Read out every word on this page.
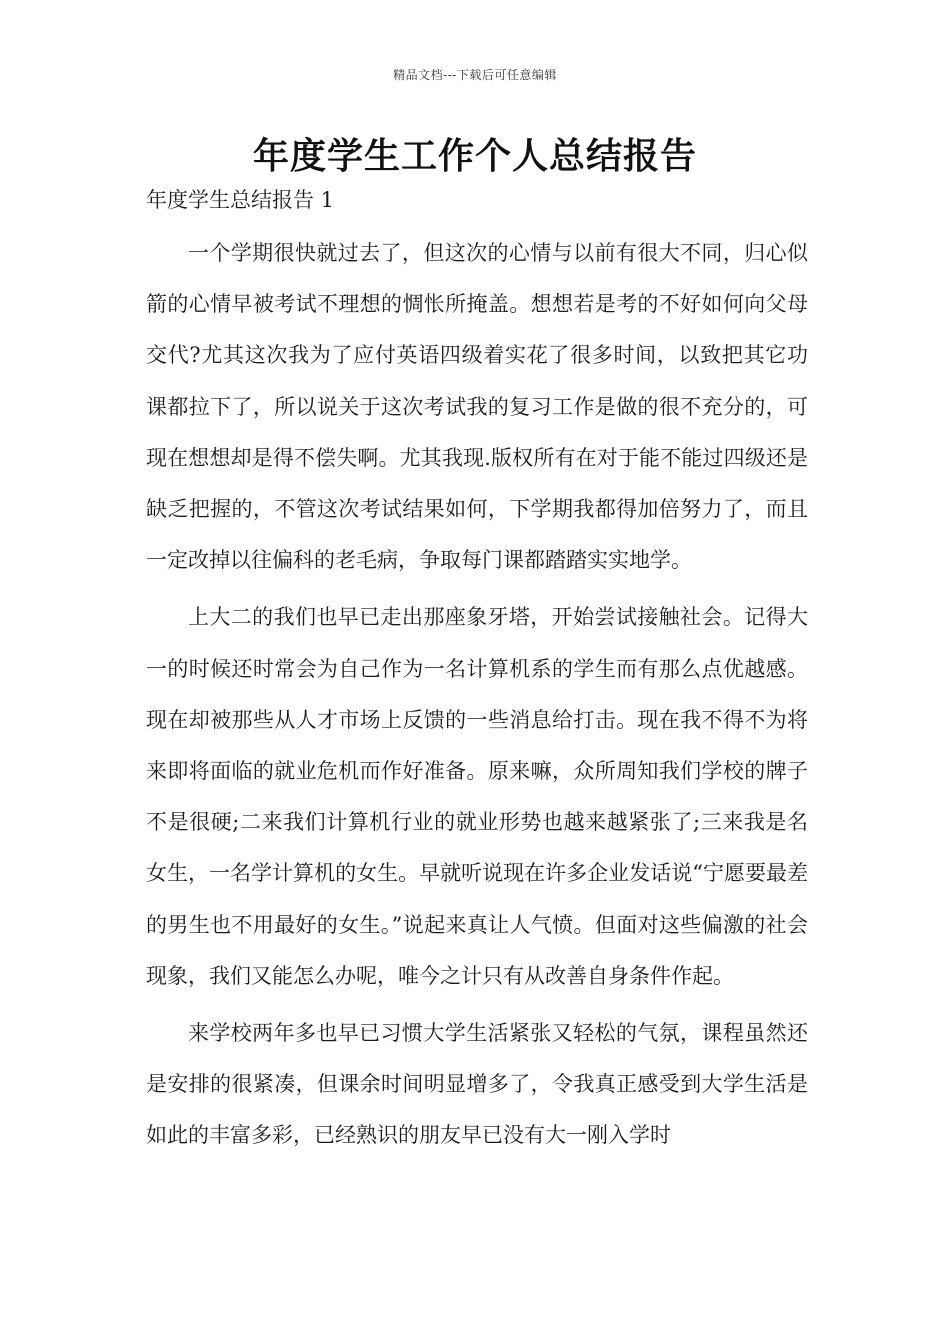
精品文档---下载后可任意编辑
年度学生工作个人总结报告
年度学生总结报告 1

一个学期很快就过去了，但这次的心情与以前有很大不同，归心似箭的心情早被考试不理想的惆怅所掩盖。想想若是考的不好如何向父母交代?尤其这次我为了应付英语四级着实花了很多时间，以致把其它功课都拉下了，所以说关于这次考试我的复习工作是做的很不充分的，可现在想想却是得不偿失啊。尤其我现.版权所有在对于能不能过四级还是缺乏把握的，不管这次考试结果如何，下学期我都得加倍努力了，而且一定改掉以往偏科的老毛病，争取每门课都踏踏实实地学。

上大二的我们也早已走出那座象牙塔，开始尝试接触社会。记得大一的时候还时常会为自己作为一名计算机系的学生而有那么点优越感。现在却被那些从人才市场上反馈的一些消息给打击。现在我不得不为将来即将面临的就业危机而作好准备。原来嘛，众所周知我们学校的牌子不是很硬;二来我们计算机行业的就业形势也越来越紧张了;三来我是名女生，一名学计算机的女生。早就听说现在许多企业发话说“宁愿要最差的男生也不用最好的女生。”说起来真让人气愤。但面对这些偏激的社会现象，我们又能怎么办呢，唯今之计只有从改善自身条件作起。

来学校两年多也早已习惯大学生活紧张又轻松的气氛，课程虽然还是安排的很紧凑，但课余时间明显增多了，令我真正感受到大学生活是如此的丰富多彩，已经熟识的朋友早已没有大一刚入学时
